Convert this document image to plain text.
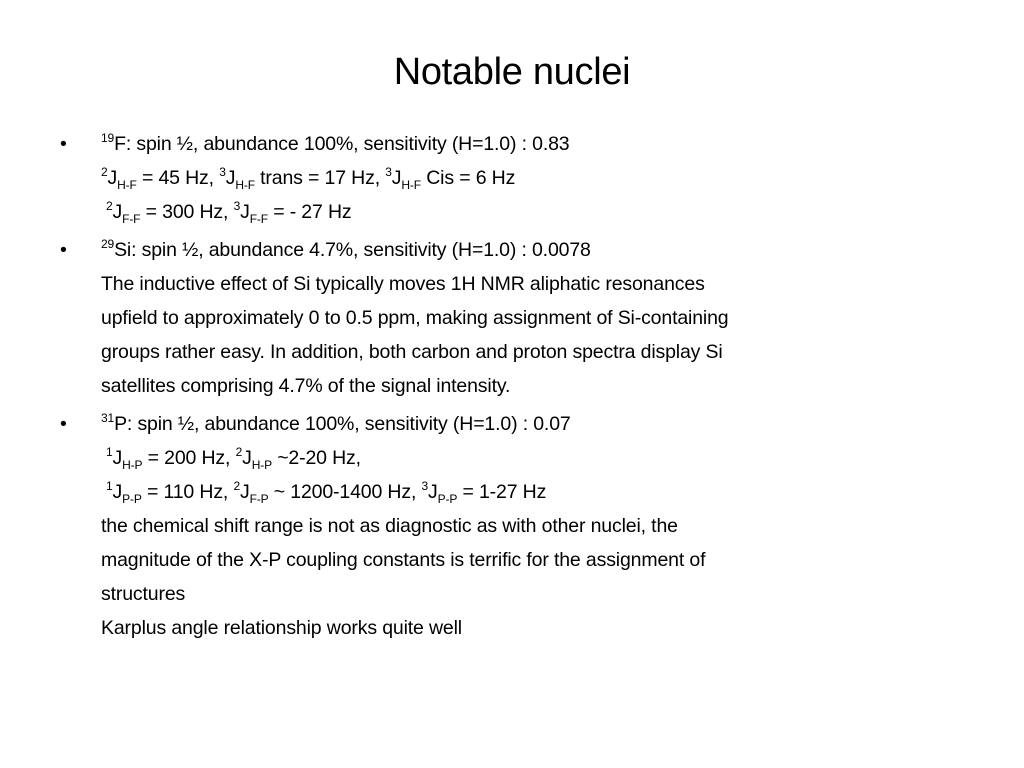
Notable nuclei
•	$^{19}$F: spin ½, abundance 100%, sensitivity (H=1.0) : 0.83
$^2J_{H-F} = 45$ Hz, $^3J_{H-F}$ trans = 17 Hz, $^3J_{H-F}$ Cis = 6 Hz
$^2J_{F-F} = 300$ Hz, $^3J_{F-F}$ = - 27 Hz
•	$^{29}$Si: spin ½, abundance 4.7%, sensitivity (H=1.0) : 0.0078
The inductive effect of Si typically moves 1H NMR aliphatic resonances
upfield to approximately 0 to 0.5 ppm, making assignment of Si-containing
groups rather easy. In addition, both carbon and proton spectra display Si
satellites comprising 4.7% of the signal intensity.
•	$^{31}$P: spin ½, abundance 100%, sensitivity (H=1.0) : 0.07
$^1J_{H-P} = 200$ Hz, $^2J_{H-P}$ ~2-20 Hz,
$^1J_{P-P} = 110$ Hz, $^2J_{F-P}$ ~ 1200-1400 Hz, $^3J_{P-P} = 1-27$ Hz
the chemical shift range is not as diagnostic as with other nuclei, the
magnitude of the X-P coupling constants is terrific for the assignment of
structures
Karplus angle relationship works quite well
